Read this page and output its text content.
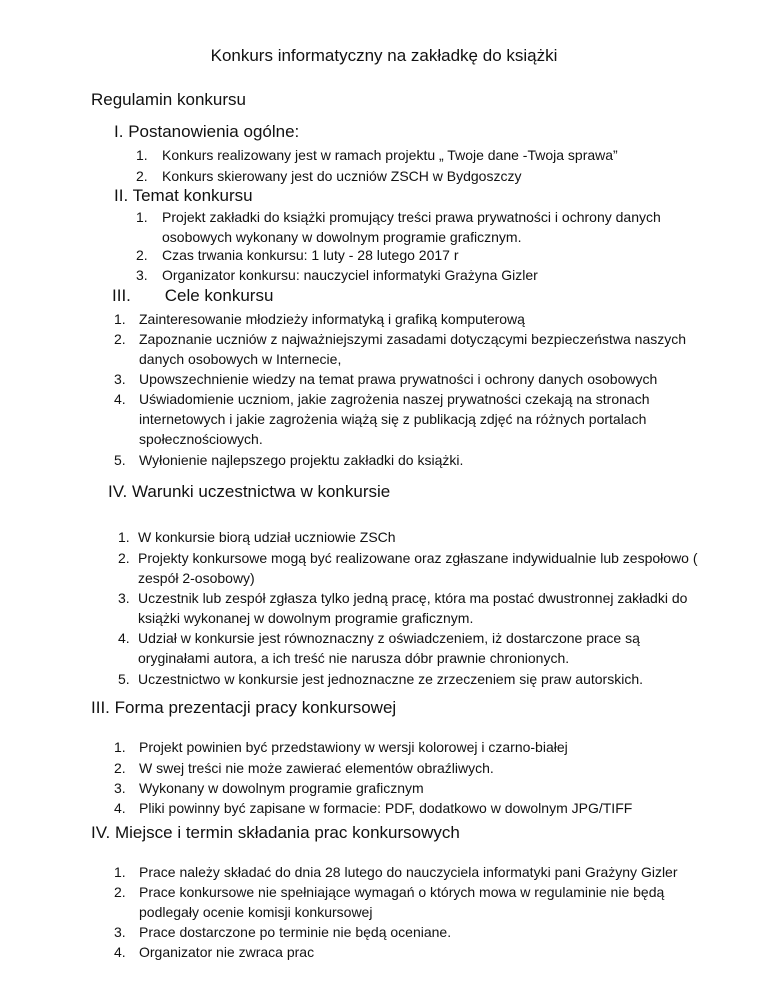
Konkurs informatyczny na zakładkę do książki
Regulamin konkursu
I. Postanowienia ogólne:
1.	Konkurs realizowany jest w ramach projektu „ Twoje dane -Twoja sprawa”
2.	Konkurs skierowany jest do uczniów ZSCH w Bydgoszczy
II. Temat konkursu
1.	Projekt zakładki do książki promujący treści prawa prywatności i ochrony danych osobowych wykonany w dowolnym programie graficznym.
2.	Czas trwania konkursu: 1 luty - 28 lutego 2017 r
3.	Organizator konkursu: nauczyciel informatyki Grażyna Gizler
III. Cele konkursu
1. Zainteresowanie młodzieży informatyką i grafiką komputerową
2. Zapoznanie uczniów z najważniejszymi zasadami dotyczącymi bezpieczeństwa naszych danych osobowych w Internecie,
3. Upowszechnienie wiedzy na temat prawa prywatności i ochrony danych osobowych
4. Uświadomienie uczniom, jakie zagrożenia naszej prywatności czekają na stronach internetowych i jakie zagrożenia wiążą się z publikacją zdjęć na różnych portalach społecznościowych.
5. Wyłonienie najlepszego projektu zakładki do książki.
IV. Warunki uczestnictwa w konkursie
1. W konkursie biorą udział uczniowie ZSCh
2. Projekty konkursowe mogą być realizowane oraz zgłaszane indywidualnie lub zespołowo ( zespół 2-osobowy)
3. Uczestnik lub zespół zgłasza tylko jedną pracę, która ma postać dwustronnej zakładki do książki wykonanej w dowolnym programie graficznym.
4. Udział w konkursie jest równoznaczny z oświadczeniem, iż dostarczone prace są oryginałami autora, a ich treść nie narusza dóbr prawnie chronionych.
5. Uczestnictwo w konkursie jest jednoznaczne ze zrzeczeniem się praw autorskich.
III. Forma prezentacji pracy konkursowej
1. Projekt powinien być przedstawiony w wersji kolorowej i czarno-białej
2. W swej treści nie może zawierać elementów obraźliwych.
3. Wykonany w dowolnym programie graficznym
4. Pliki powinny być zapisane w formacie: PDF, dodatkowo w dowolnym JPG/TIFF
IV. Miejsce i termin składania prac konkursowych
1. Prace należy składać do dnia 28 lutego do nauczyciela informatyki pani Grażyny Gizler
2. Prace konkursowe nie spełniające wymagań o których mowa w regulaminie nie będą podlegały ocenie komisji konkursowej
3. Prace dostarczone po terminie nie będą oceniane.
4. Organizator nie zwraca prac
